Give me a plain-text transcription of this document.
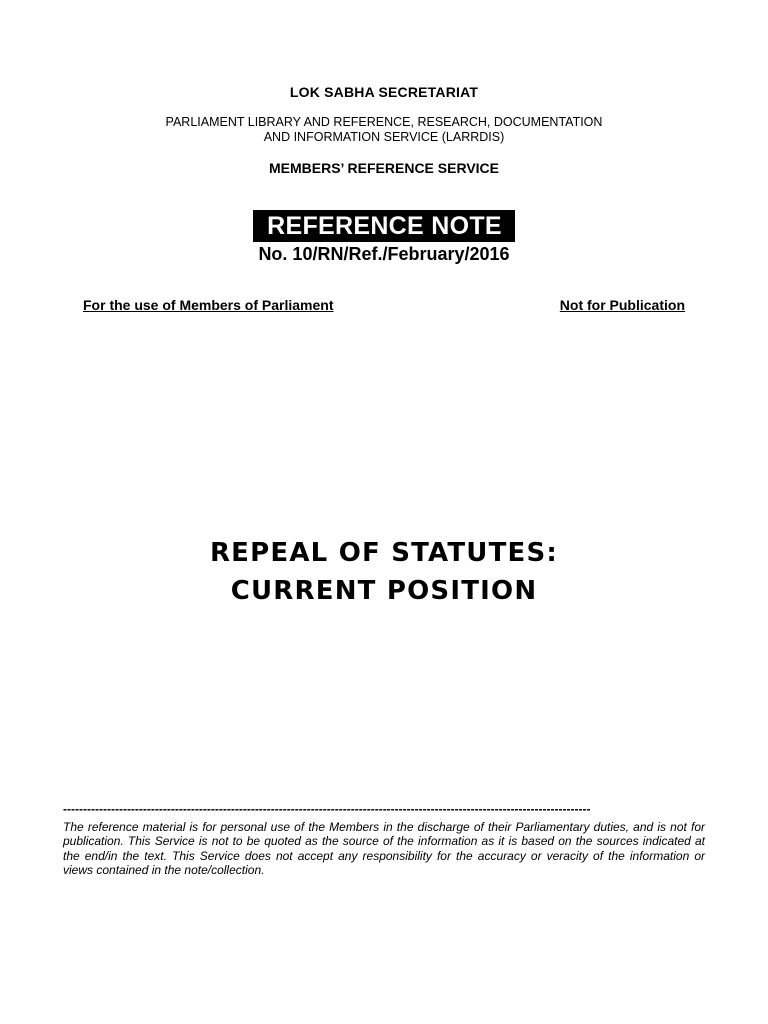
LOK SABHA SECRETARIAT
PARLIAMENT LIBRARY AND REFERENCE, RESEARCH, DOCUMENTATION
AND INFORMATION SERVICE (LARRDIS)
MEMBERS’ REFERENCE SERVICE
REFERENCE NOTE
No. 10/RN/Ref./February/2016
For the use of Members of Parliament	Not for Publication
REPEAL OF STATUTES:
CURRENT POSITION
------------------------------------------------------------------------------------------------------------------------------------
The reference material is for personal use of the Members in the discharge of their Parliamentary duties, and is not for publication. This Service is not to be quoted as the source of the information as it is based on the sources indicated at the end/in the text. This Service does not accept any responsibility for the accuracy or veracity of the information or views contained in the note/collection.
